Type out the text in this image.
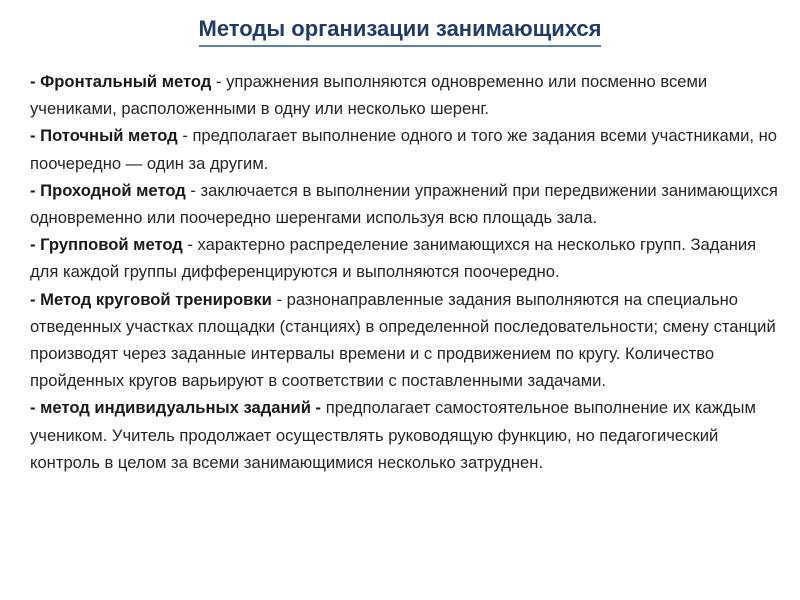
Методы организации занимающихся

- Фронтальный метод - упражнения выполняются одновременно или посменно всеми учениками, расположенными в одну или несколько шеренг.

- Поточный метод - предполагает выполнение одного и того же задания всеми участниками, но поочередно — один за другим.

- Проходной метод - заключается в выполнении упражнений при передвижении занимающихся одновременно или поочередно шеренгами используя всю площадь зала.

- Групповой метод - характерно распределение занимающихся на несколько групп. Задания для каждой группы дифференцируются и выполняются поочередно.

- Метод круговой тренировки - разнонаправленные задания выполняются на специально отведенных участках площадки (станциях) в определенной последовательности; смену станций производят через заданные интервалы времени и с продвижением по кругу. Количество пройденных кругов варьируют в соответствии с поставленными задачами.

- метод индивидуальных заданий - предполагает самостоятельное выполнение их каждым учеником. Учитель продолжает осуществлять руководящую функцию, но педагогический контроль в целом за всеми занимающимися несколько затруднен.
